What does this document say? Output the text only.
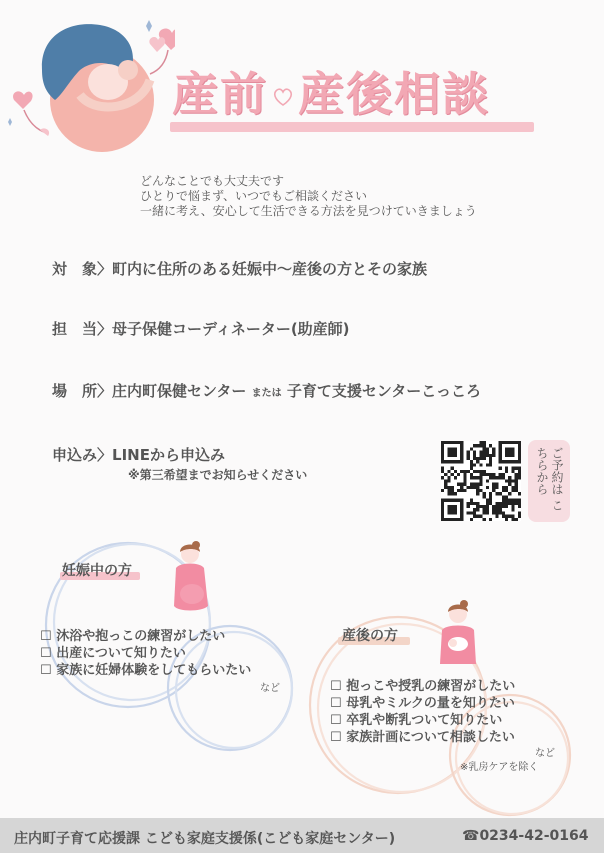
産前 産後相談
どんなことでも大丈夫です
ひとりで悩まず、いつでもご相談ください
一緒に考え、安心して生活できる方法を見つけていきましょう
対　象〉町内に住所のある妊娠中〜産後の方とその家族
担　当〉母子保健コーディネーター(助産師)
場　所〉庄内町保健センター または 子育て支援センターこっころ
申込み〉LINEから申込み
※第三希望までお知らせください	ご予約は こちらから
妊娠中の方
☐ 沐浴や抱っこの練習がしたい
☐ 出産について知りたい
☐ 家族に妊婦体験をしてもらいたい
など
産後の方
☐ 抱っこや授乳の練習がしたい
☐ 母乳やミルクの量を知りたい
☐ 卒乳や断乳ついて知りたい
☐ 家族計画について相談したい
など
※乳房ケアを除く
庄内町子育て応援課 こども家庭支援係(こども家庭センター)	☎0234-42-0164
